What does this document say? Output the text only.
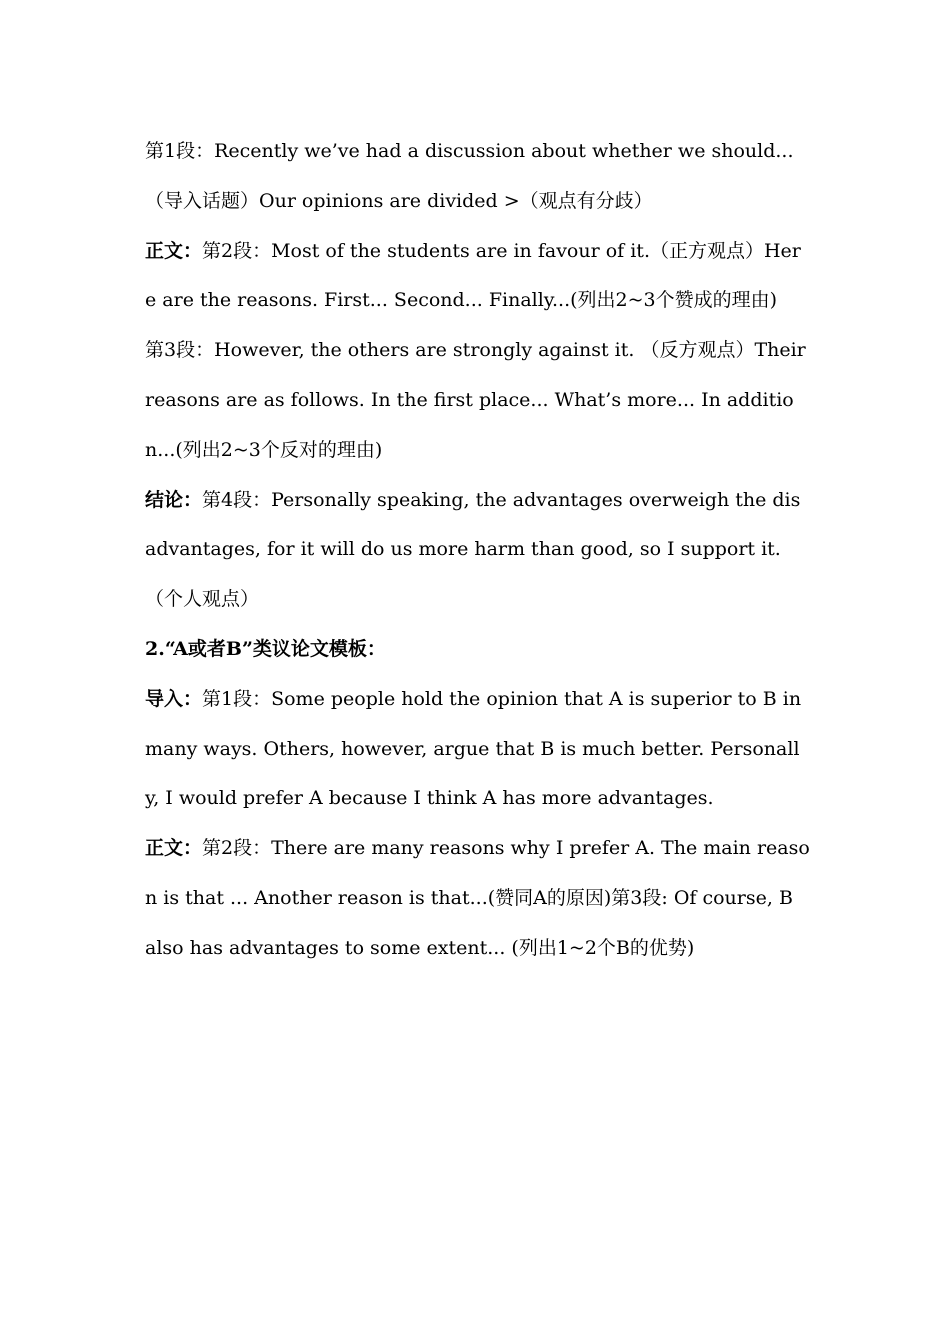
第1段：Recently we’ve had a discussion about whether we should... （导入话题）Our opinions are divided >（观点有分歧）

正文：第2段：Most of the students are in favour of it.（正方观点）Here are the reasons. First... Second... Finally...(列出2~3个赞成的理由)

第3段：However, the others are strongly against it. （反方观点）Their reasons are as follows. In the first place... What’s more... In addition...(列出2~3个反对的理由)

结论：第4段：Personally speaking, the advantages overweigh the disadvantages, for it will do us more harm than good, so I support it.（个人观点）

2.“A或者B”类议论文模板：

导入：第1段：Some people hold the opinion that A is superior to B in many ways. Others, however, argue that B is much better. Personally, I would prefer A because I think A has more advantages.

正文：第2段：There are many reasons why I prefer A. The main reason is that ... Another reason is that...(赞同A的原因)第3段: Of course, B also has advantages to some extent... (列出1~2个B的优势)
